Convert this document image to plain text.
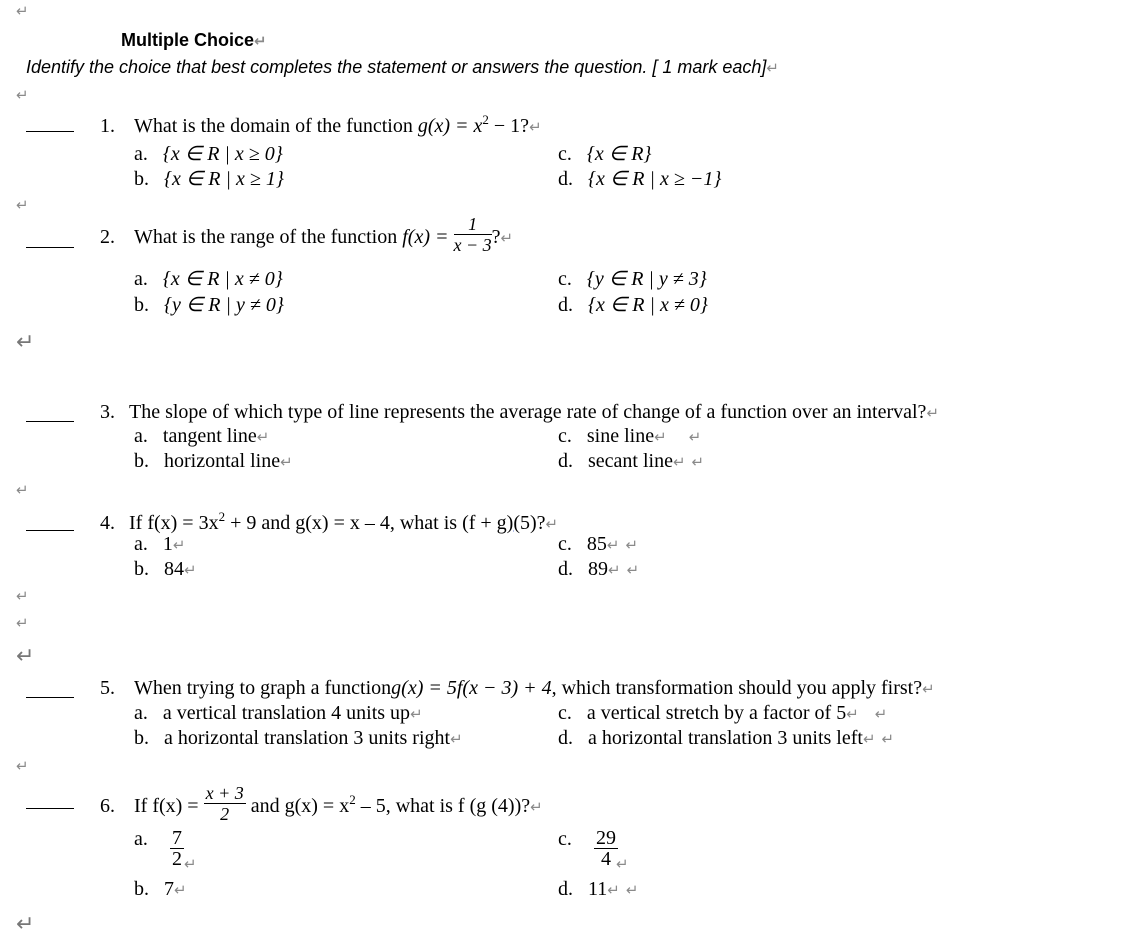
↵
↵
↵
↵
↵
↵
↵
↵
↵
↵
Multiple Choice↵
Identify the choice that best completes the statement or answers the question. [ 1 mark each]↵
1. What is the domain of the function $g(x) = x^2$ − 1?↵
a. {x ∈ R | x ≥ 0}
b. {x ∈ R | x ≥ 1}
c. {x ∈ R}
d. {x ∈ R | x ≥ −1}
2. What is the range of the function $f(x) = \frac{1}{x - 3}$ ?↵
a. {x ∈ R | x ≠ 0}
b. {y ∈ R | y ≠ 0}
c. {y ∈ R | y ≠ 3}
d. {x ∈ R | x ≠ 0}
3. The slope of which type of line represents the average rate of change of a function over an interval?↵
a. tangent line↵
b. horizontal line↵
c. sine line↵ ↵
d. secant line↵ ↵
4. If $f(x) = 3x^2 + 9$ and g(x) = x – 4, what is (f + g)(5)?↵
a. 1↵
b. 84↵
c. 85↵ ↵
d. 89↵ ↵
5. When trying to graph a functiong(x) = 5f(x − 3) + 4, which transformation should you apply first?↵
a. a vertical translation 4 units up↵
b. a horizontal translation 3 units right↵
c. a vertical stretch by a factor of 5↵ ↵
d. a horizontal translation 3 units left↵ ↵
6. If $f(x) = \frac{x + 3}{2}$ and $g(x) = x^2 - 5$, what is f (g (4))?↵
a. $\frac{7}{2}$ ↵
b. 7↵
c. $\frac{29}{4}$
↵
d. 11↵ ↵
